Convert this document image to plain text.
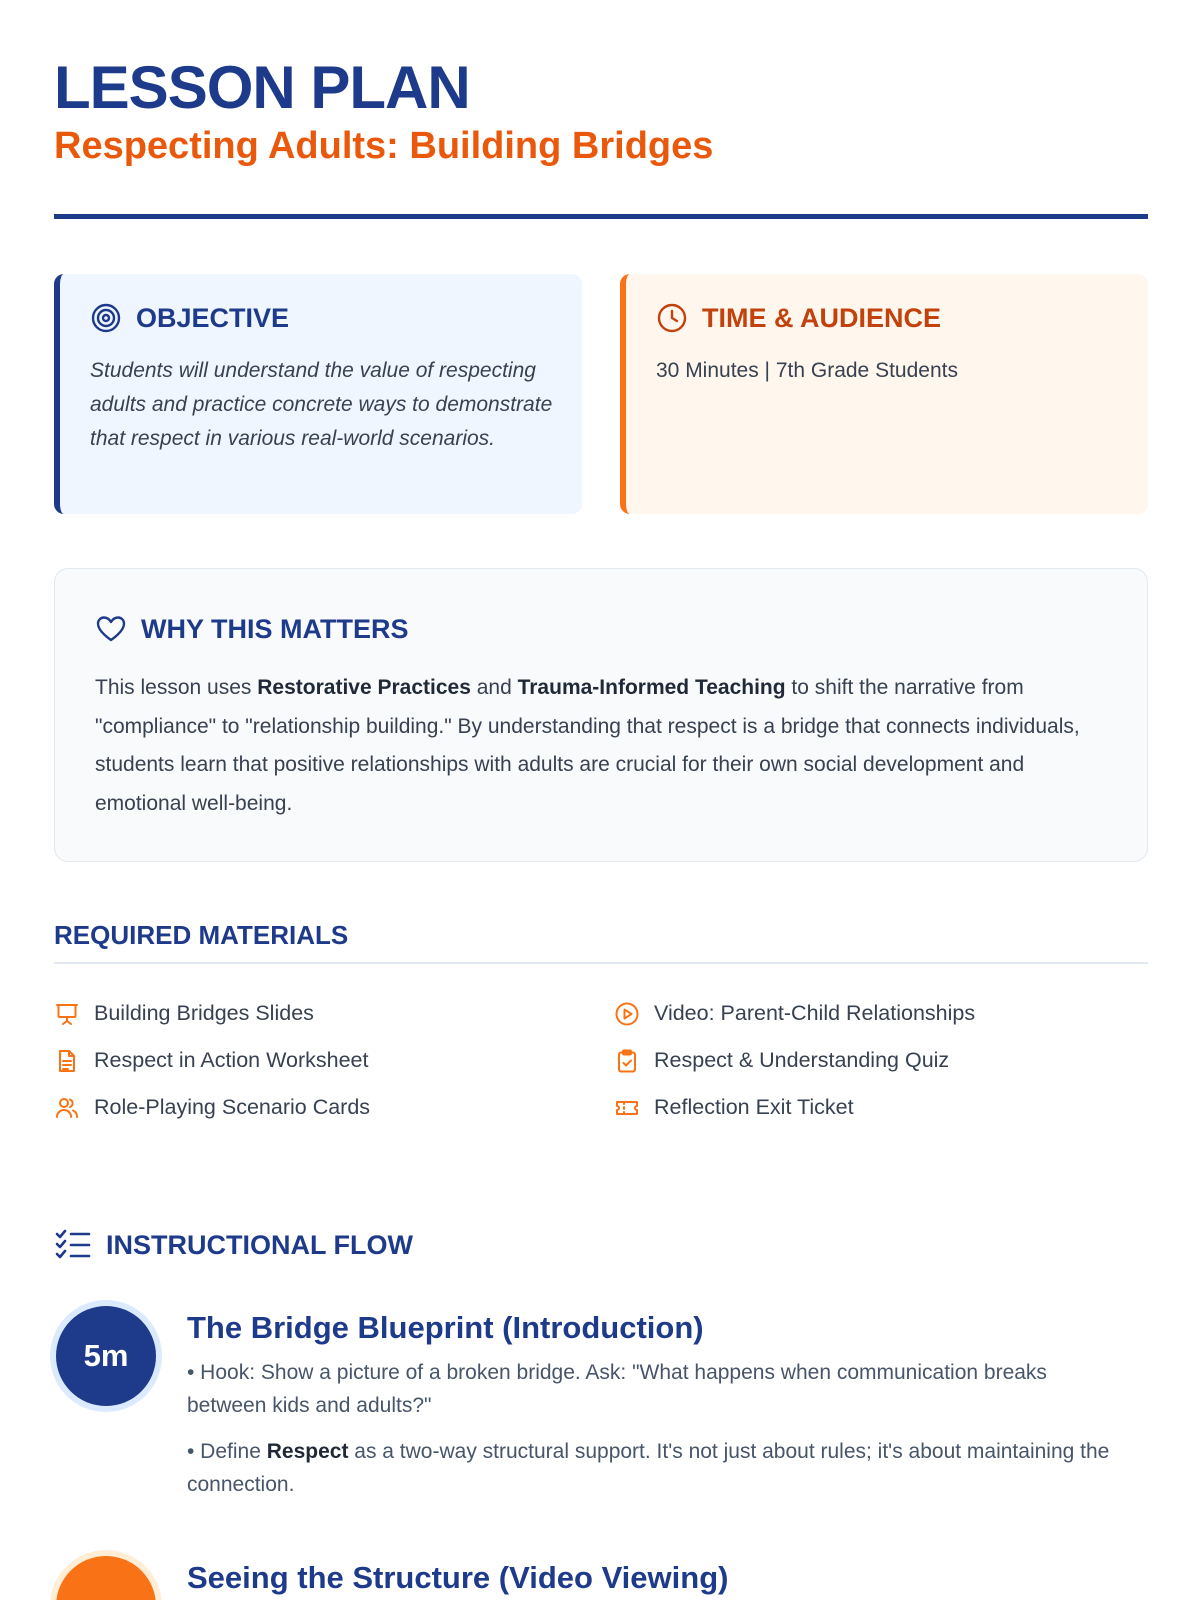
LESSON PLAN
Respecting Adults: Building Bridges
OBJECTIVE

Students will understand the value of respecting adults and practice concrete ways to demonstrate that respect in various real-world scenarios.

TIME & AUDIENCE

30 Minutes | 7th Grade Students

WHY THIS MATTERS

This lesson uses Restorative Practices and Trauma-Informed Teaching to shift the narrative from "compliance" to "relationship building." By understanding that respect is a bridge that connects individuals, students learn that positive relationships with adults are crucial for their own social development and emotional well-being.

REQUIRED MATERIALS
Building Bridges Slides
Respect in Action Worksheet
Role-Playing Scenario Cards
Video: Parent-Child Relationships
Respect & Understanding Quiz
Reflection Exit Ticket
INSTRUCTIONAL FLOW
5m
The Bridge Blueprint (Introduction)

• Hook: Show a picture of a broken bridge. Ask: "What happens when communication breaks between kids and adults?"

• Define Respect as a two-way structural support. It's not just about rules; it's about maintaining the connection.

Seeing the Structure (Video Viewing)
